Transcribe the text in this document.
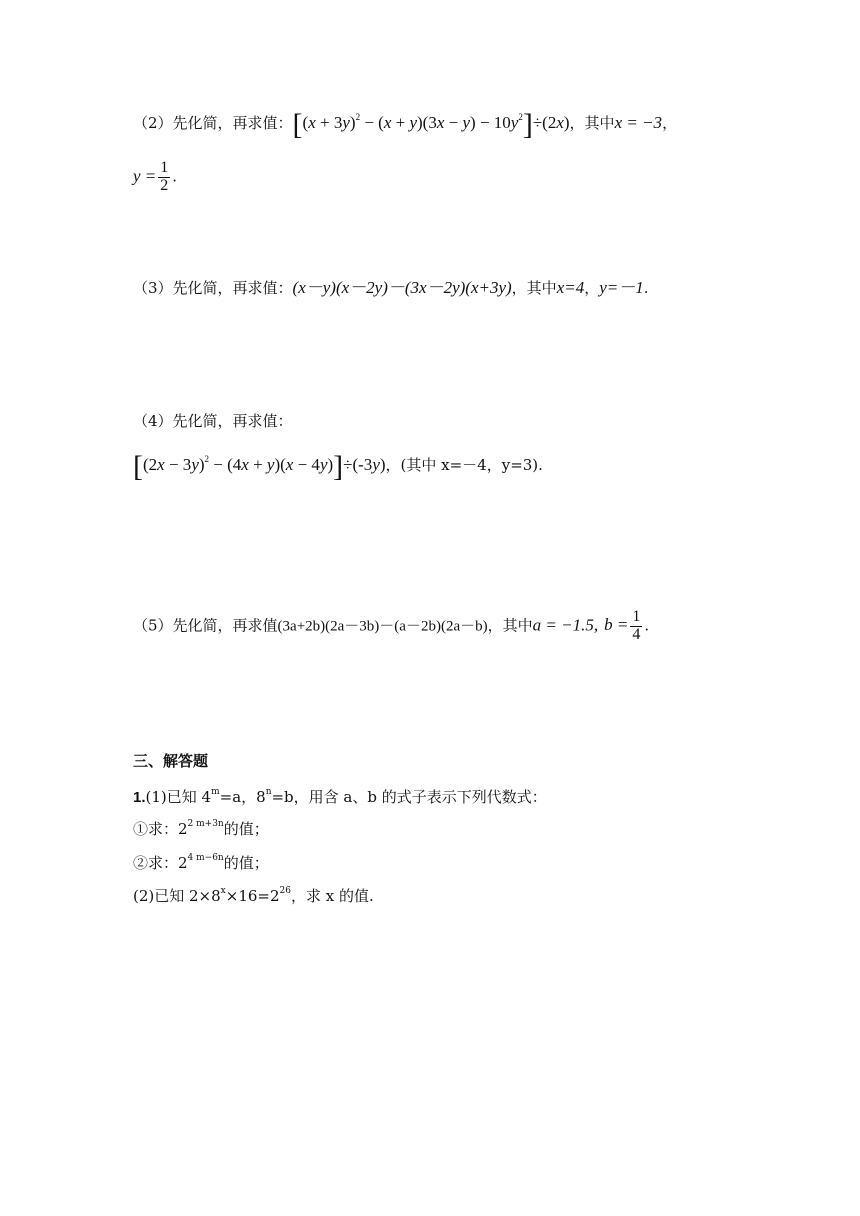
（2）先化简，再求值：$[(x + 3y)^2 - (x + y)(3x - y) - 10y^2]\div(2x)$，其中x = −3，
$y = \frac{1}{2}$ .
（3）先化简，再求值：(x－y)(x－2y)－(3x－2y)(x+3y)，其中x=4，y=－1.
（4）先化简，再求值：
$[(2x - 3y)^2 - (4x + y)(x - 4y)]\div(-3y)$，(其中 x=－4，y=3).
（5）先化简，再求值(3a+2b)(2a－3b)－(a－2b)(2a－b)，其中a = −1.5, $b = \frac{1}{4}$ .
三、解答题
1.(1)已知 $4^m=a$，$8^n=b$，用含 a、b 的式子表示下列代数式：
①求：$2^{2 m+3n}$的值；
②求：$2^{4 m-6n}$的值；
(2)已知 $2\times 8^x\times 16=2^{26}$，求 x 的值.
